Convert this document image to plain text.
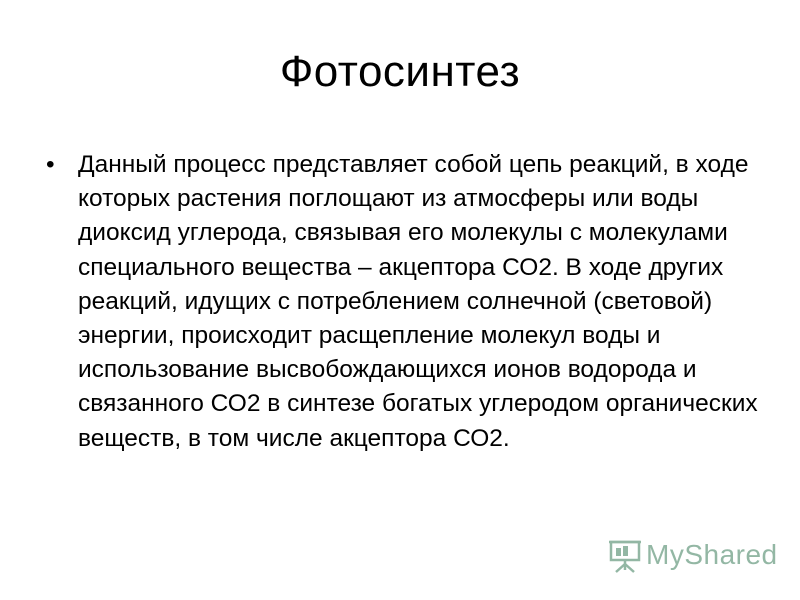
Фотосинтез
• Данный процесс представляет собой цепь реакций, в ходе которых растения поглощают из атмосферы или воды диоксид углерода, связывая его молекулы с молекулами специального вещества – акцептора СО2. В ходе других реакций, идущих с потреблением солнечной (световой) энергии, происходит расщепление молекул воды и использование высвобождающихся ионов водорода и связанного СО2 в синтезе богатых углеродом органических веществ, в том числе акцептора СО2.
MyShared
